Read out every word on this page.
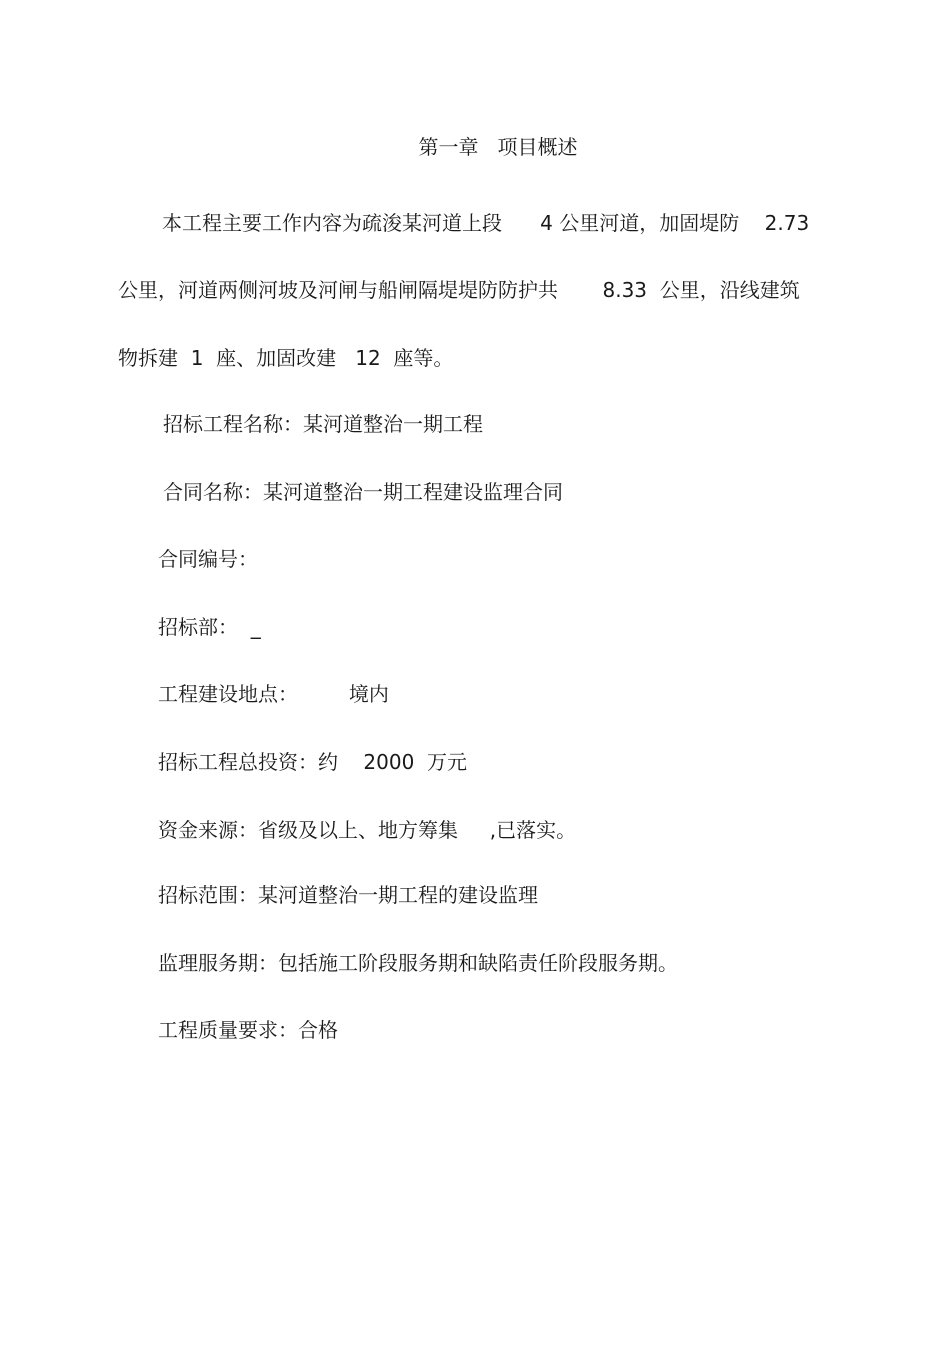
第一章   项目概述
本工程主要工作内容为疏浚某河道上段      4 公里河道，加固堤防    2.73
公里，河道两侧河坡及河闸与船闸隔堤堤防防护共       8.33  公里，沿线建筑
物拆建  1  座、加固改建   12  座等。
招标工程名称：某河道整治一期工程
合同名称：某河道整治一期工程建设监理合同
合同编号：
招标部：  _
工程建设地点：        境内
招标工程总投资：约    2000  万元
资金来源：省级及以上、地方筹集     ,已落实。
招标范围：某河道整治一期工程的建设监理
监理服务期：包括施工阶段服务期和缺陷责任阶段服务期。
工程质量要求：合格
